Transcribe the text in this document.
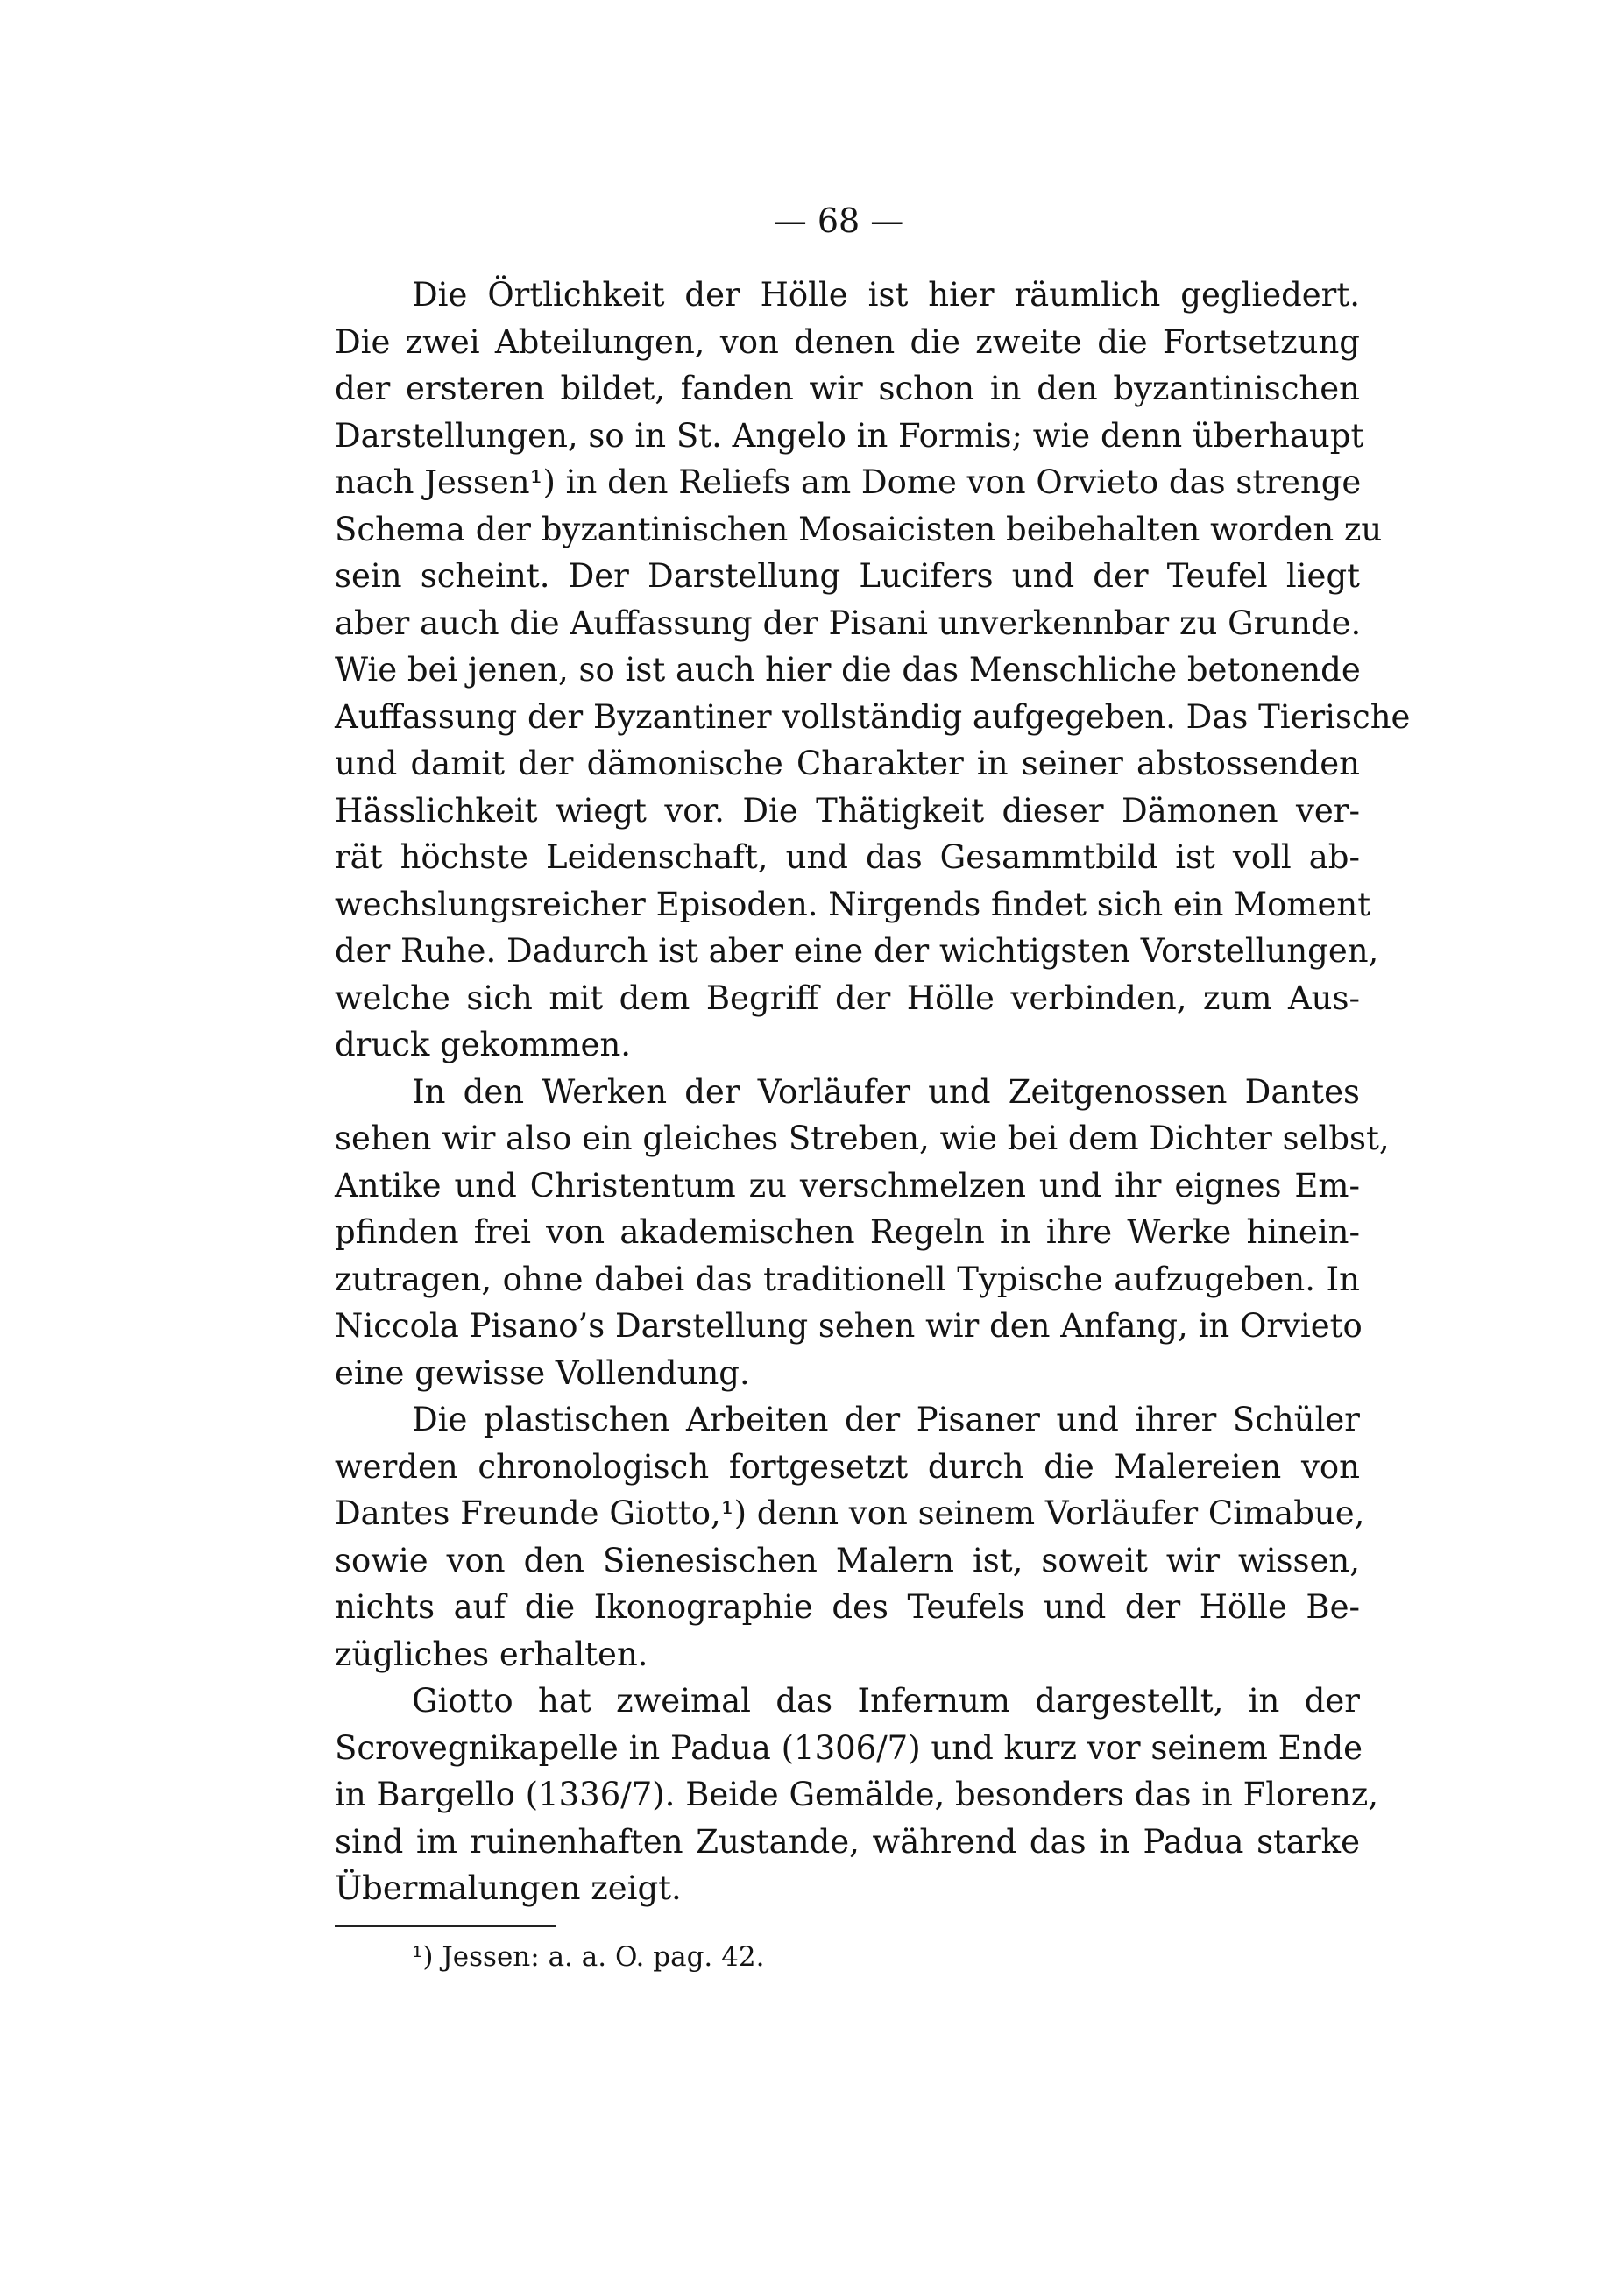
— 68 —
Die Örtlichkeit der Hölle ist hier räumlich gegliedert.
Die zwei Abteilungen, von denen die zweite die Fortsetzung
der ersteren bildet, fanden wir schon in den byzantinischen
Darstellungen, so in St. Angelo in Formis; wie denn überhaupt
nach Jessen¹) in den Reliefs am Dome von Orvieto das strenge
Schema der byzantinischen Mosaicisten beibehalten worden zu
sein scheint. Der Darstellung Lucifers und der Teufel liegt
aber auch die Auffassung der Pisani unverkennbar zu Grunde.
Wie bei jenen, so ist auch hier die das Menschliche betonende
Auffassung der Byzantiner vollständig aufgegeben. Das Tierische
und damit der dämonische Charakter in seiner abstossenden
Hässlichkeit wiegt vor. Die Thätigkeit dieser Dämonen ver-
rät höchste Leidenschaft, und das Gesammtbild ist voll ab-
wechslungsreicher Episoden. Nirgends findet sich ein Moment
der Ruhe. Dadurch ist aber eine der wichtigsten Vorstellungen,
welche sich mit dem Begriff der Hölle verbinden, zum Aus-
druck gekommen.
In den Werken der Vorläufer und Zeitgenossen Dantes
sehen wir also ein gleiches Streben, wie bei dem Dichter selbst,
Antike und Christentum zu verschmelzen und ihr eignes Em-
pfinden frei von akademischen Regeln in ihre Werke hinein-
zutragen, ohne dabei das traditionell Typische aufzugeben. In
Niccola Pisano’s Darstellung sehen wir den Anfang, in Orvieto
eine gewisse Vollendung.
Die plastischen Arbeiten der Pisaner und ihrer Schüler
werden chronologisch fortgesetzt durch die Malereien von
Dantes Freunde Giotto,¹) denn von seinem Vorläufer Cimabue,
sowie von den Sienesischen Malern ist, soweit wir wissen,
nichts auf die Ikonographie des Teufels und der Hölle Be-
zügliches erhalten.
Giotto hat zweimal das Infernum dargestellt, in der
Scrovegnikapelle in Padua (1306/7) und kurz vor seinem Ende
in Bargello (1336/7). Beide Gemälde, besonders das in Florenz,
sind im ruinenhaften Zustande, während das in Padua starke
Übermalungen zeigt.
¹) Jessen: a. a. O. pag. 42.
